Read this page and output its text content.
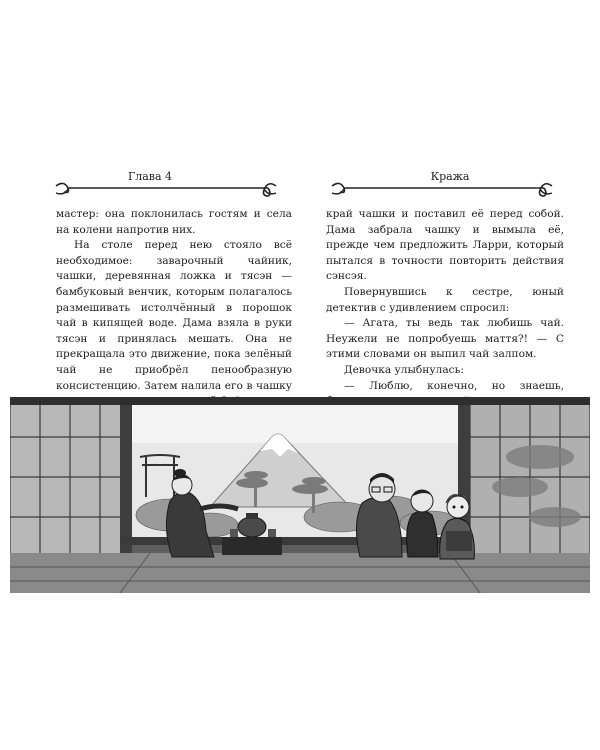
Глава 4

мастер: она поклонилась гостям и села на колени напротив них.

На столе перед нею стояло всё необходимое: заварочный чайник, чашки, деревянная ложка и тясэн — бамбуковый венчик, которым полагалось размешивать истолчённый в порошок чай в кипящей воде. Дама взяла в руки тясэн и принялась мешать. Она не прекращала это движение, пока зелёный чай не приобрёл пенообразную консистенцию. Затем налила его в чашку

Кража

край чашки и поставил её перед собой. Дама забрала чашку и вымыла её, прежде чем предложить Ларри, который пытался в точности повторить действия сэнсэя.

Повернувшись к сестре, юный детектив с удивлением спросил:

— Агата, ты ведь так любишь чай. Неужели не попробуешь маття?! — С этими словами он выпил чай залпом.

Девочка улыбнулась:

— Люблю, конечно, но знаешь,
